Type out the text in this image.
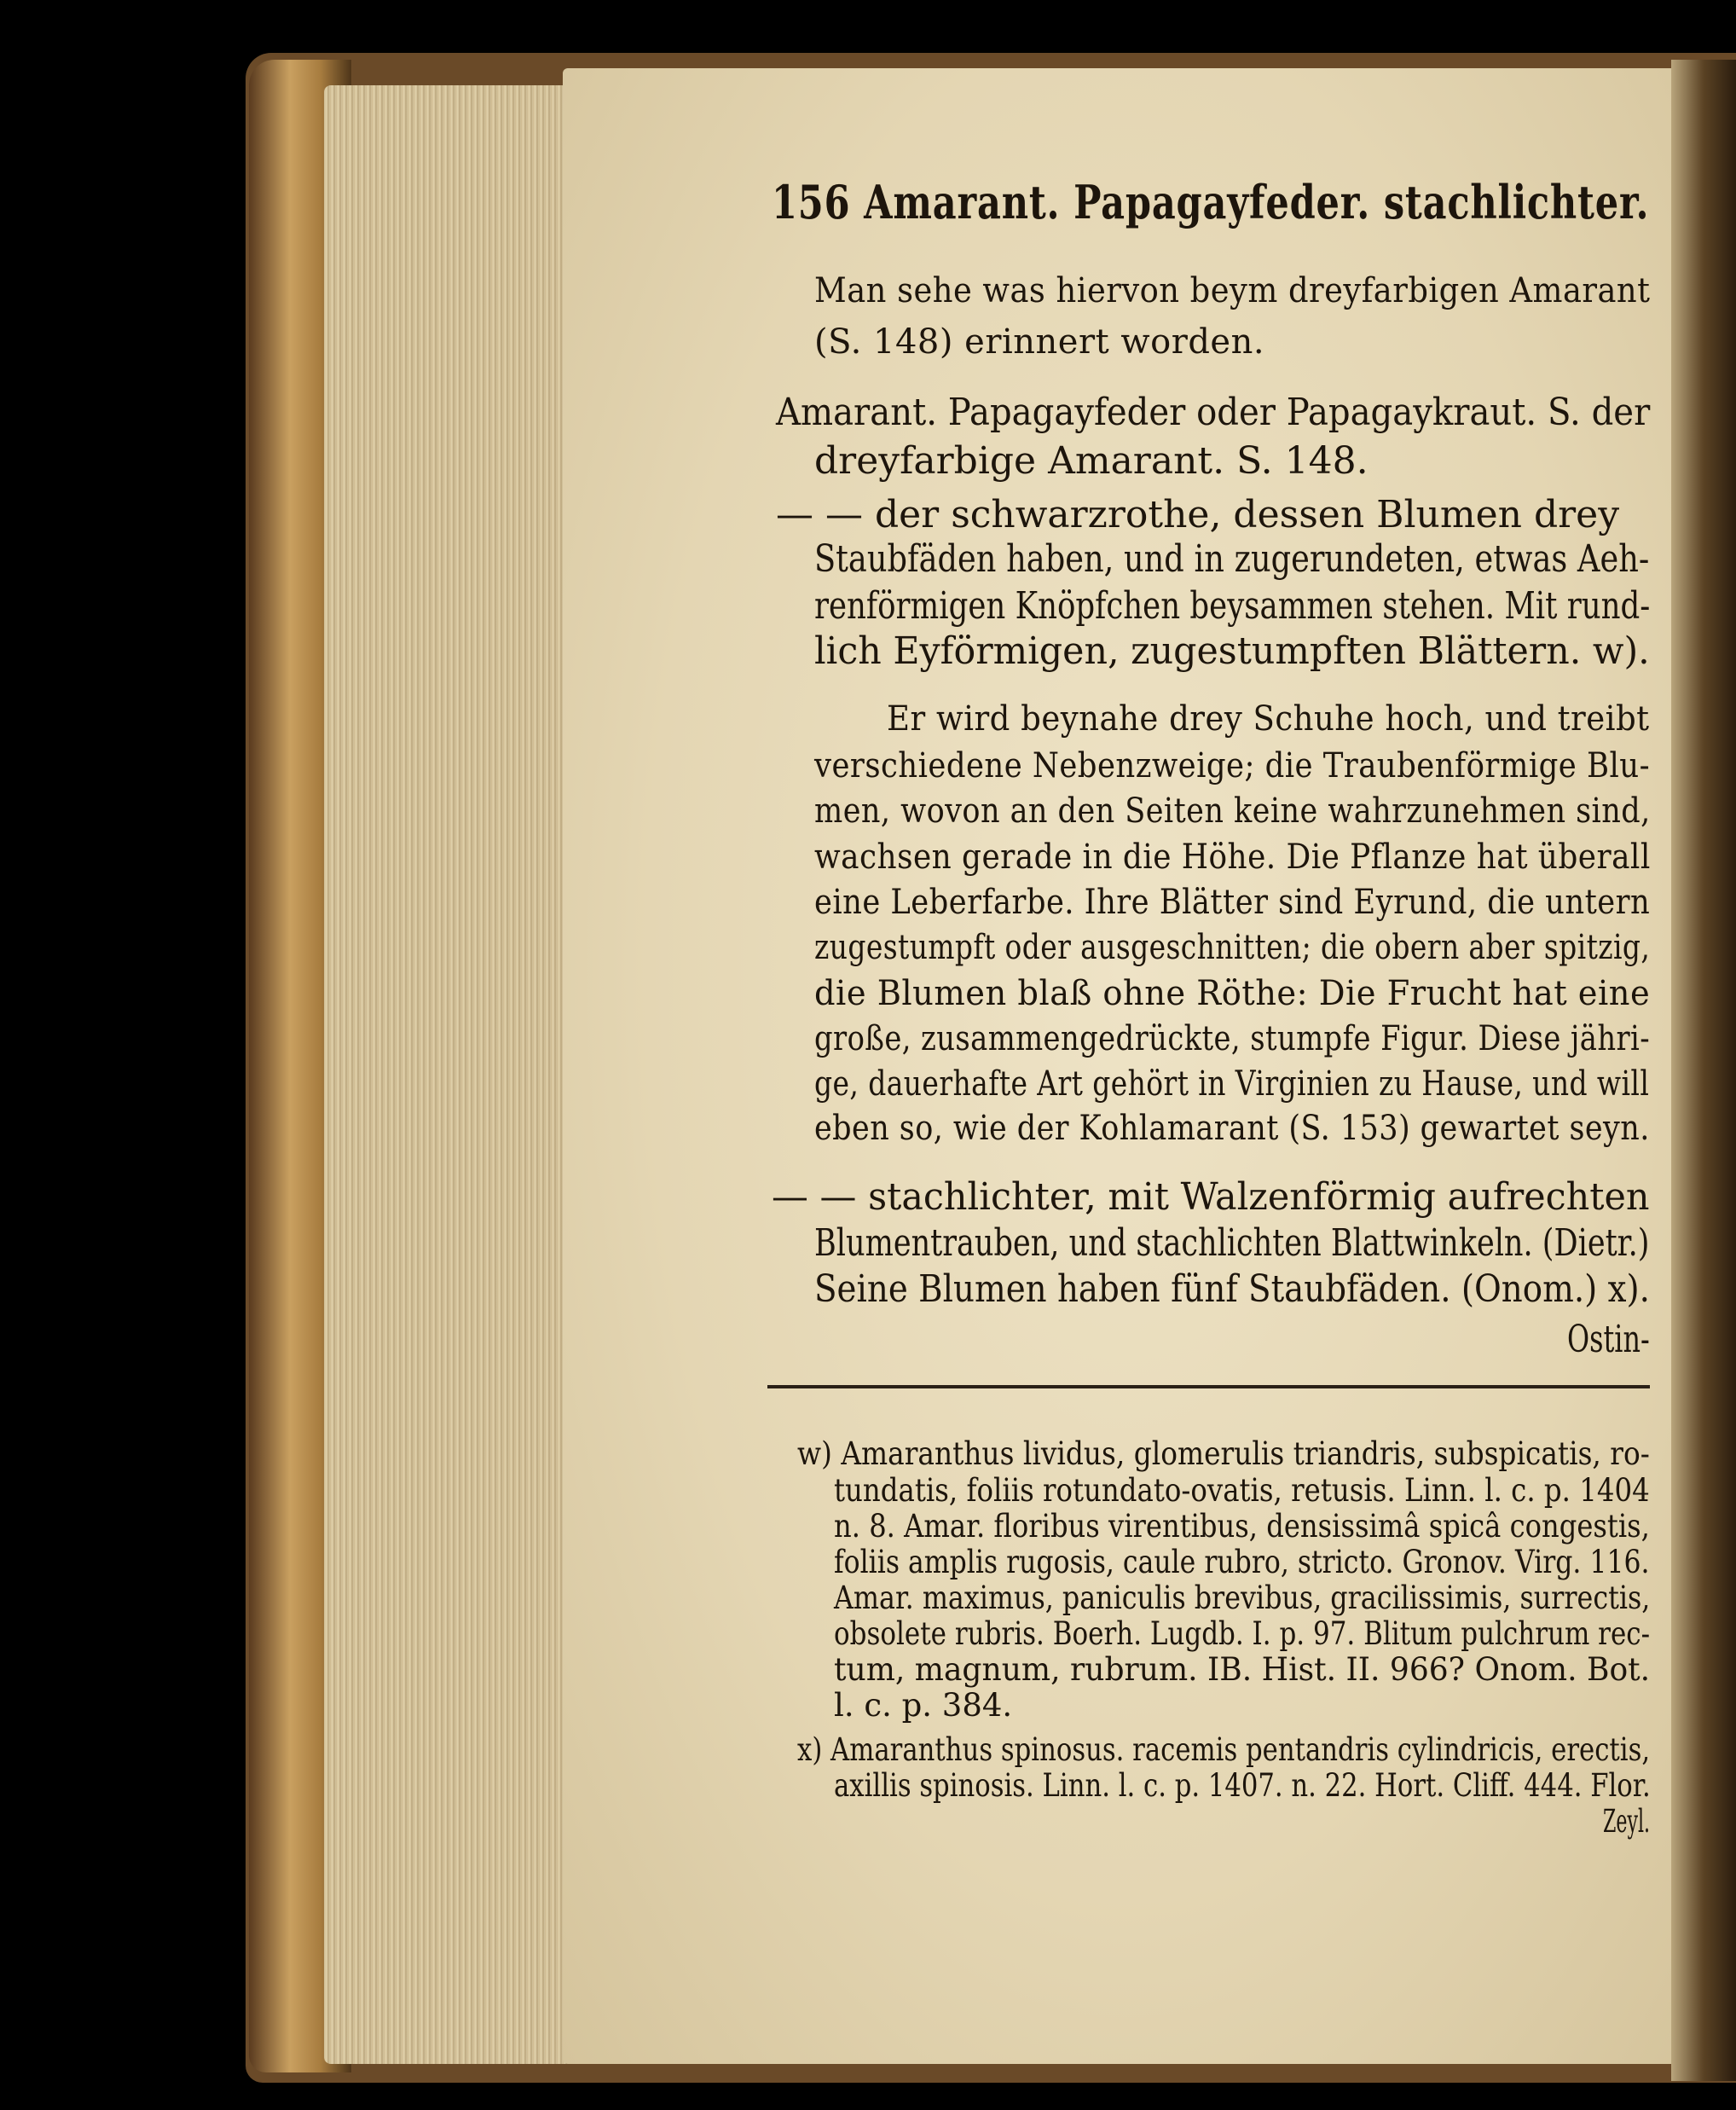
156 Amarant. Papagayfeder. stachlichter.
Man sehe was hiervon beym dreyfarbigen Amarant
(S. 148) erinnert worden.
Amarant. Papagayfeder oder Papagaykraut. S. der
dreyfarbige Amarant. S. 148.
— — der schwarzrothe, dessen Blumen drey
Staubfäden haben, und in zugerundeten, etwas Aeh-
renförmigen Knöpfchen beysammen stehen. Mit rund-
lich Eyförmigen, zugestumpften Blättern. w).
Er wird beynahe drey Schuhe hoch, und treibt
verschiedene Nebenzweige; die Traubenförmige Blu-
men, wovon an den Seiten keine wahrzunehmen sind,
wachsen gerade in die Höhe. Die Pflanze hat überall
eine Leberfarbe. Ihre Blätter sind Eyrund, die untern
zugestumpft oder ausgeschnitten; die obern aber spitzig,
die Blumen blaß ohne Röthe: Die Frucht hat eine
große, zusammengedrückte, stumpfe Figur. Diese jähri-
ge, dauerhafte Art gehört in Virginien zu Hause, und will
eben so, wie der Kohlamarant (S. 153) gewartet seyn.
— — stachlichter, mit Walzenförmig aufrechten
Blumentrauben, und stachlichten Blattwinkeln. (Dietr.)
Seine Blumen haben fünf Staubfäden. (Onom.) x).
Ostin-
w) Amaranthus lividus, glomerulis triandris, subspicatis, ro-
tundatis, foliis rotundato-ovatis, retusis. Linn. l. c. p. 1404
n. 8. Amar. floribus virentibus, densissimâ spicâ congestis,
foliis amplis rugosis, caule rubro, stricto. Gronov. Virg. 116.
Amar. maximus, paniculis brevibus, gracilissimis, surrectis,
obsolete rubris. Boerh. Lugdb. I. p. 97. Blitum pulchrum rec-
tum, magnum, rubrum. IB. Hist. II. 966? Onom. Bot.
l. c. p. 384.
x) Amaranthus spinosus. racemis pentandris cylindricis, erectis,
axillis spinosis. Linn. l. c. p. 1407. n. 22. Hort. Cliff. 444. Flor.
Zeyl.
